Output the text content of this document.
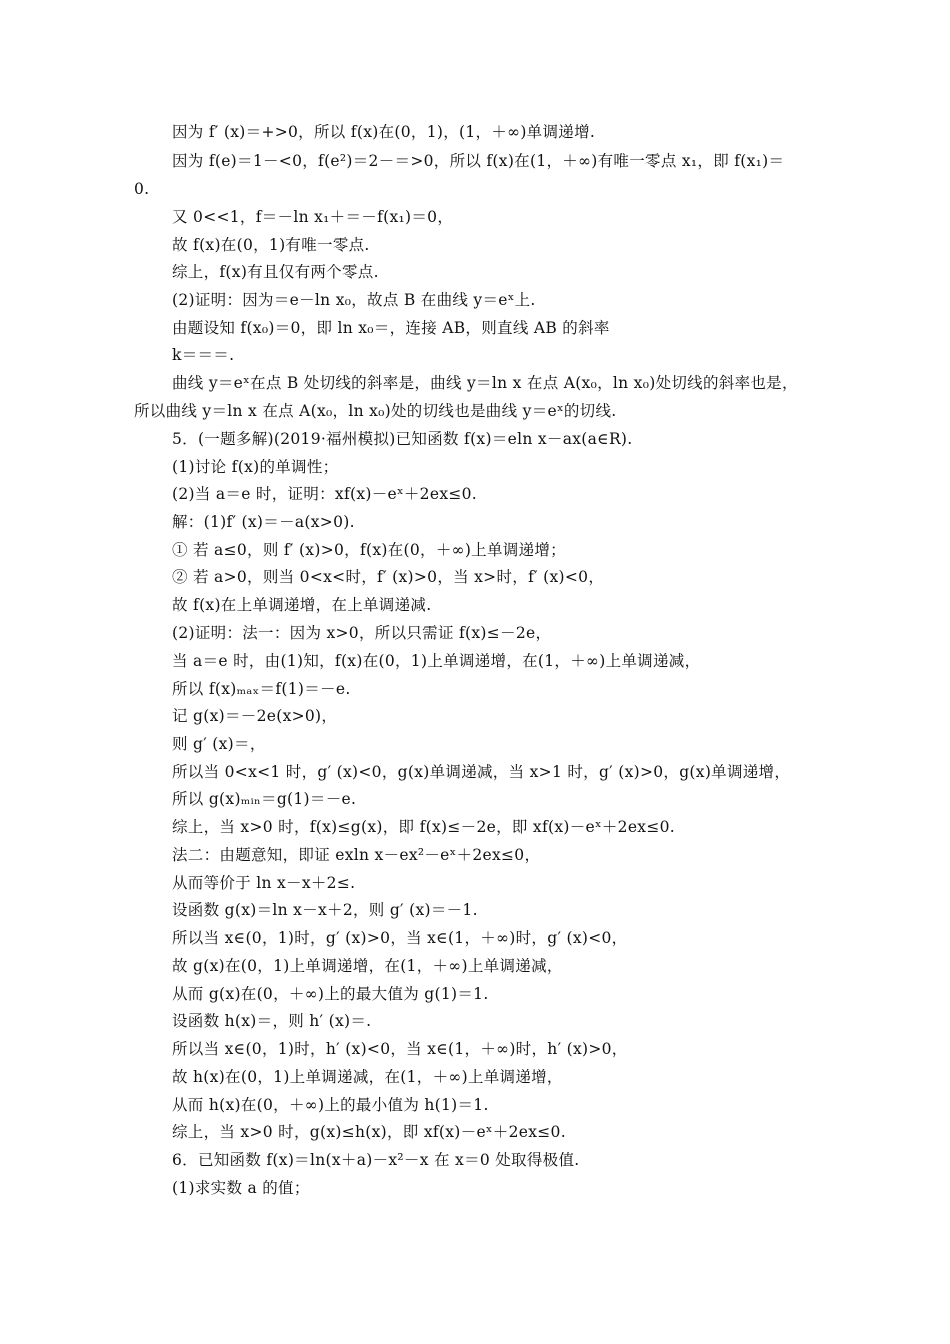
因为 f′ (x)＝+>0，所以 f(x)在(0，1)，(1，＋∞)单调递增.
因为 f(e)＝1－<0，f(e²)＝2－＝>0，所以 f(x)在(1，＋∞)有唯一零点 x₁，即 f(x₁)＝
0.
又 0<<1，f＝－ln x₁＋＝－f(x₁)＝0，
故 f(x)在(0，1)有唯一零点.
综上，f(x)有且仅有两个零点.
(2)证明：因为＝e－ln x₀，故点 B 在曲线 y＝eˣ上.
由题设知 f(x₀)＝0，即 ln x₀＝，连接 AB，则直线 AB 的斜率
k＝＝＝.
曲线 y＝eˣ在点 B 处切线的斜率是，曲线 y＝ln x 在点 A(x₀，ln x₀)处切线的斜率也是，
所以曲线 y＝ln x 在点 A(x₀，ln x₀)处的切线也是曲线 y＝eˣ的切线.
5．(一题多解)(2019·福州模拟)已知函数 f(x)＝eln x－ax(a∈R).
(1)讨论 f(x)的单调性；
(2)当 a＝e 时，证明：xf(x)－eˣ＋2ex≤0.
解：(1)f′ (x)＝－a(x>0).
① 若 a≤0，则 f′ (x)>0，f(x)在(0，＋∞)上单调递增；
② 若 a>0，则当 0<x<时，f′ (x)>0，当 x>时，f′ (x)<0，
故 f(x)在上单调递增，在上单调递减.
(2)证明：法一：因为 x>0，所以只需证 f(x)≤－2e，
当 a＝e 时，由(1)知，f(x)在(0，1)上单调递增，在(1，＋∞)上单调递减，
所以 f(x)ₘₐₓ＝f(1)＝－e.
记 g(x)＝－2e(x>0)，
则 g′ (x)＝，
所以当 0<x<1 时，g′ (x)<0，g(x)单调递减，当 x>1 时，g′ (x)>0，g(x)单调递增，
所以 g(x)ₘᵢₙ＝g(1)＝－e.
综上，当 x>0 时，f(x)≤g(x)，即 f(x)≤－2e，即 xf(x)－eˣ＋2ex≤0.
法二：由题意知，即证 exln x－ex²－eˣ＋2ex≤0，
从而等价于 ln x－x＋2≤.
设函数 g(x)＝ln x－x＋2，则 g′ (x)＝－1.
所以当 x∈(0，1)时，g′ (x)>0，当 x∈(1，＋∞)时，g′ (x)<0，
故 g(x)在(0，1)上单调递增，在(1，＋∞)上单调递减，
从而 g(x)在(0，＋∞)上的最大值为 g(1)＝1.
设函数 h(x)＝，则 h′ (x)＝.
所以当 x∈(0，1)时，h′ (x)<0，当 x∈(1，＋∞)时，h′ (x)>0，
故 h(x)在(0，1)上单调递减，在(1，＋∞)上单调递增，
从而 h(x)在(0，＋∞)上的最小值为 h(1)＝1.
综上，当 x>0 时，g(x)≤h(x)，即 xf(x)－eˣ＋2ex≤0.
6．已知函数 f(x)＝ln(x＋a)－x²－x 在 x＝0 处取得极值.
(1)求实数 a 的值；
